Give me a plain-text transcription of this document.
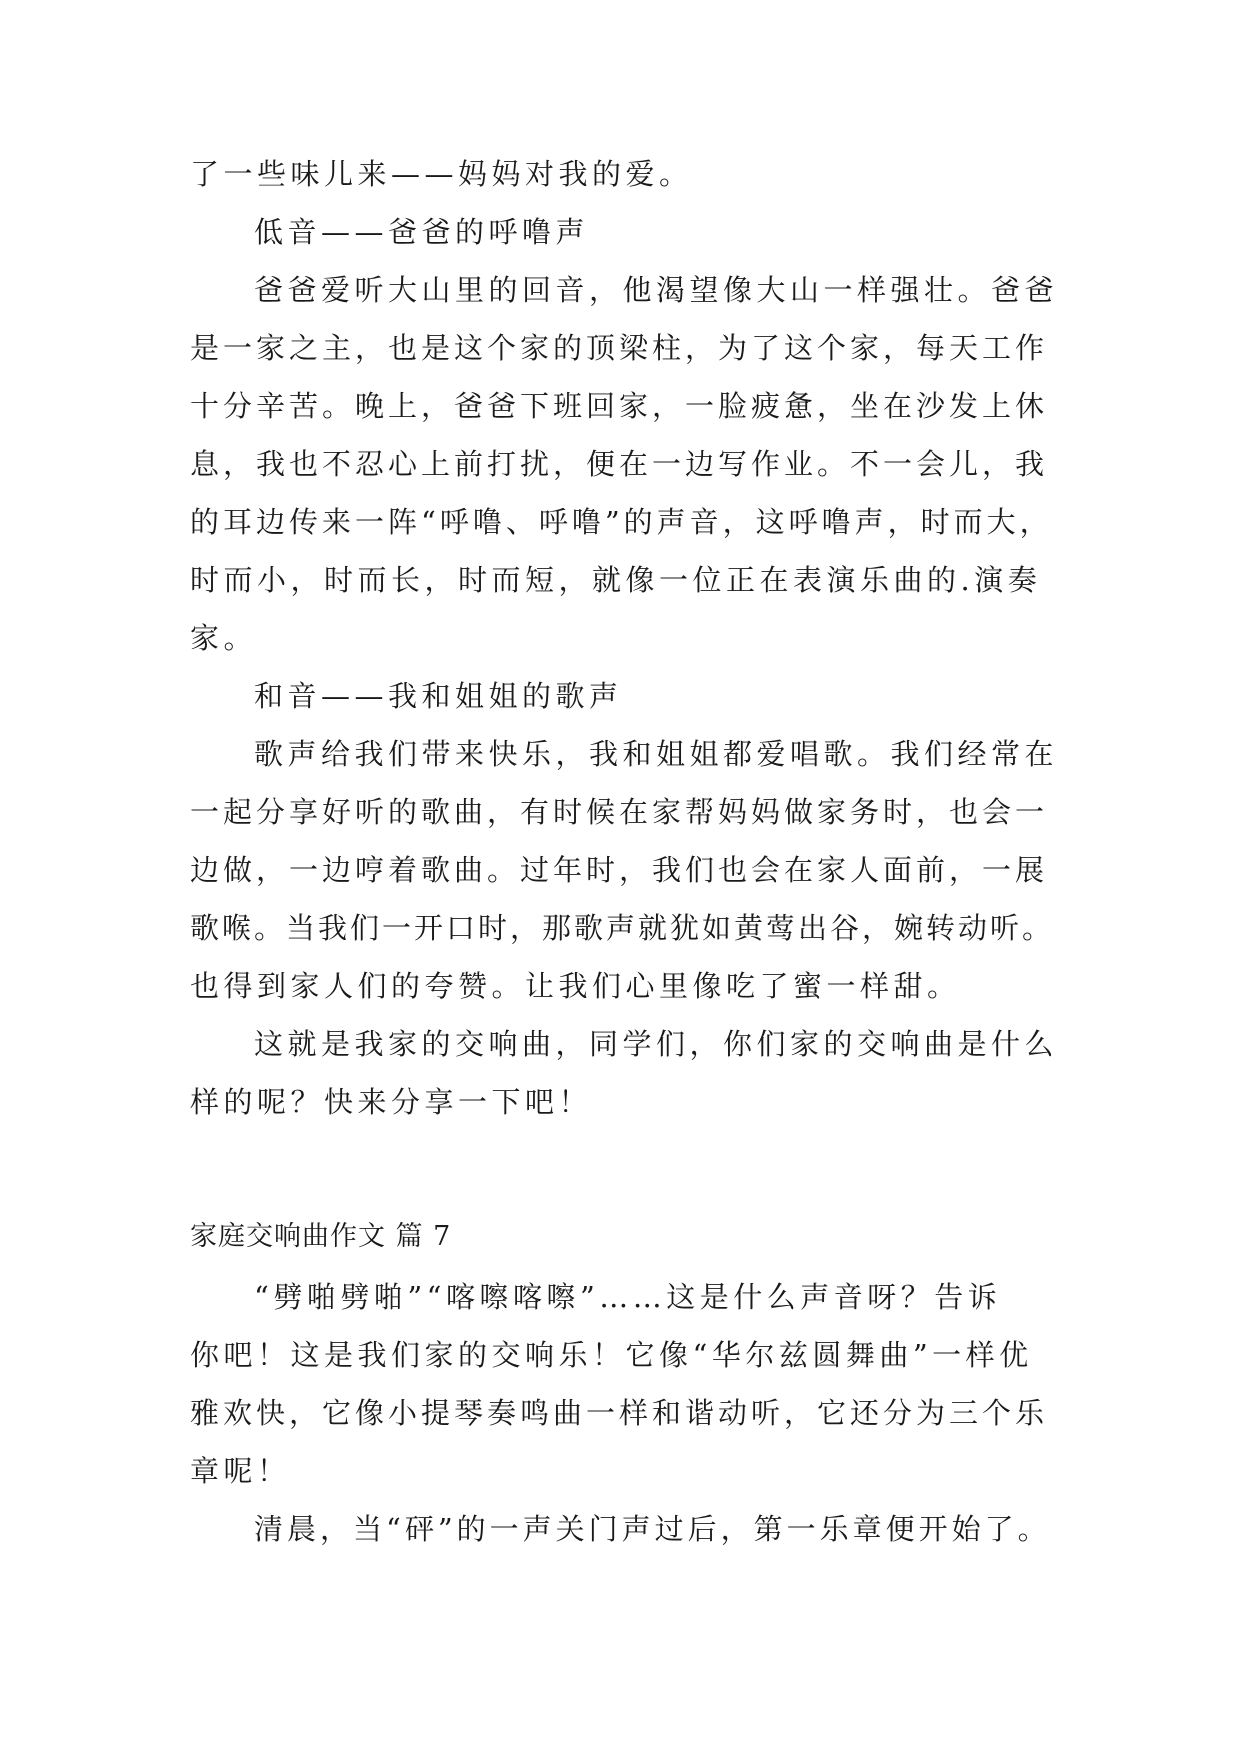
了一些味儿来——妈妈对我的爱。
低音——爸爸的呼噜声
爸爸爱听大山里的回音，他渴望像大山一样强壮。爸爸
是一家之主，也是这个家的顶梁柱，为了这个家，每天工作
十分辛苦。晚上，爸爸下班回家，一脸疲惫，坐在沙发上休
息，我也不忍心上前打扰，便在一边写作业。不一会儿，我
的耳边传来一阵“呼噜、呼噜”的声音，这呼噜声，时而大，
时而小，时而长，时而短，就像一位正在表演乐曲的.演奏
家。
和音——我和姐姐的歌声
歌声给我们带来快乐，我和姐姐都爱唱歌。我们经常在
一起分享好听的歌曲，有时候在家帮妈妈做家务时，也会一
边做，一边哼着歌曲。过年时，我们也会在家人面前，一展
歌喉。当我们一开口时，那歌声就犹如黄莺出谷，婉转动听。
也得到家人们的夸赞。让我们心里像吃了蜜一样甜。
这就是我家的交响曲，同学们，你们家的交响曲是什么
样的呢？快来分享一下吧！
家庭交响曲作文 篇 7
“劈啪劈啪”“喀嚓喀嚓”……这是什么声音呀？告诉
你吧！这是我们家的交响乐！它像“华尔兹圆舞曲”一样优
雅欢快，它像小提琴奏鸣曲一样和谐动听，它还分为三个乐
章呢！
清晨，当“砰”的一声关门声过后，第一乐章便开始了。
